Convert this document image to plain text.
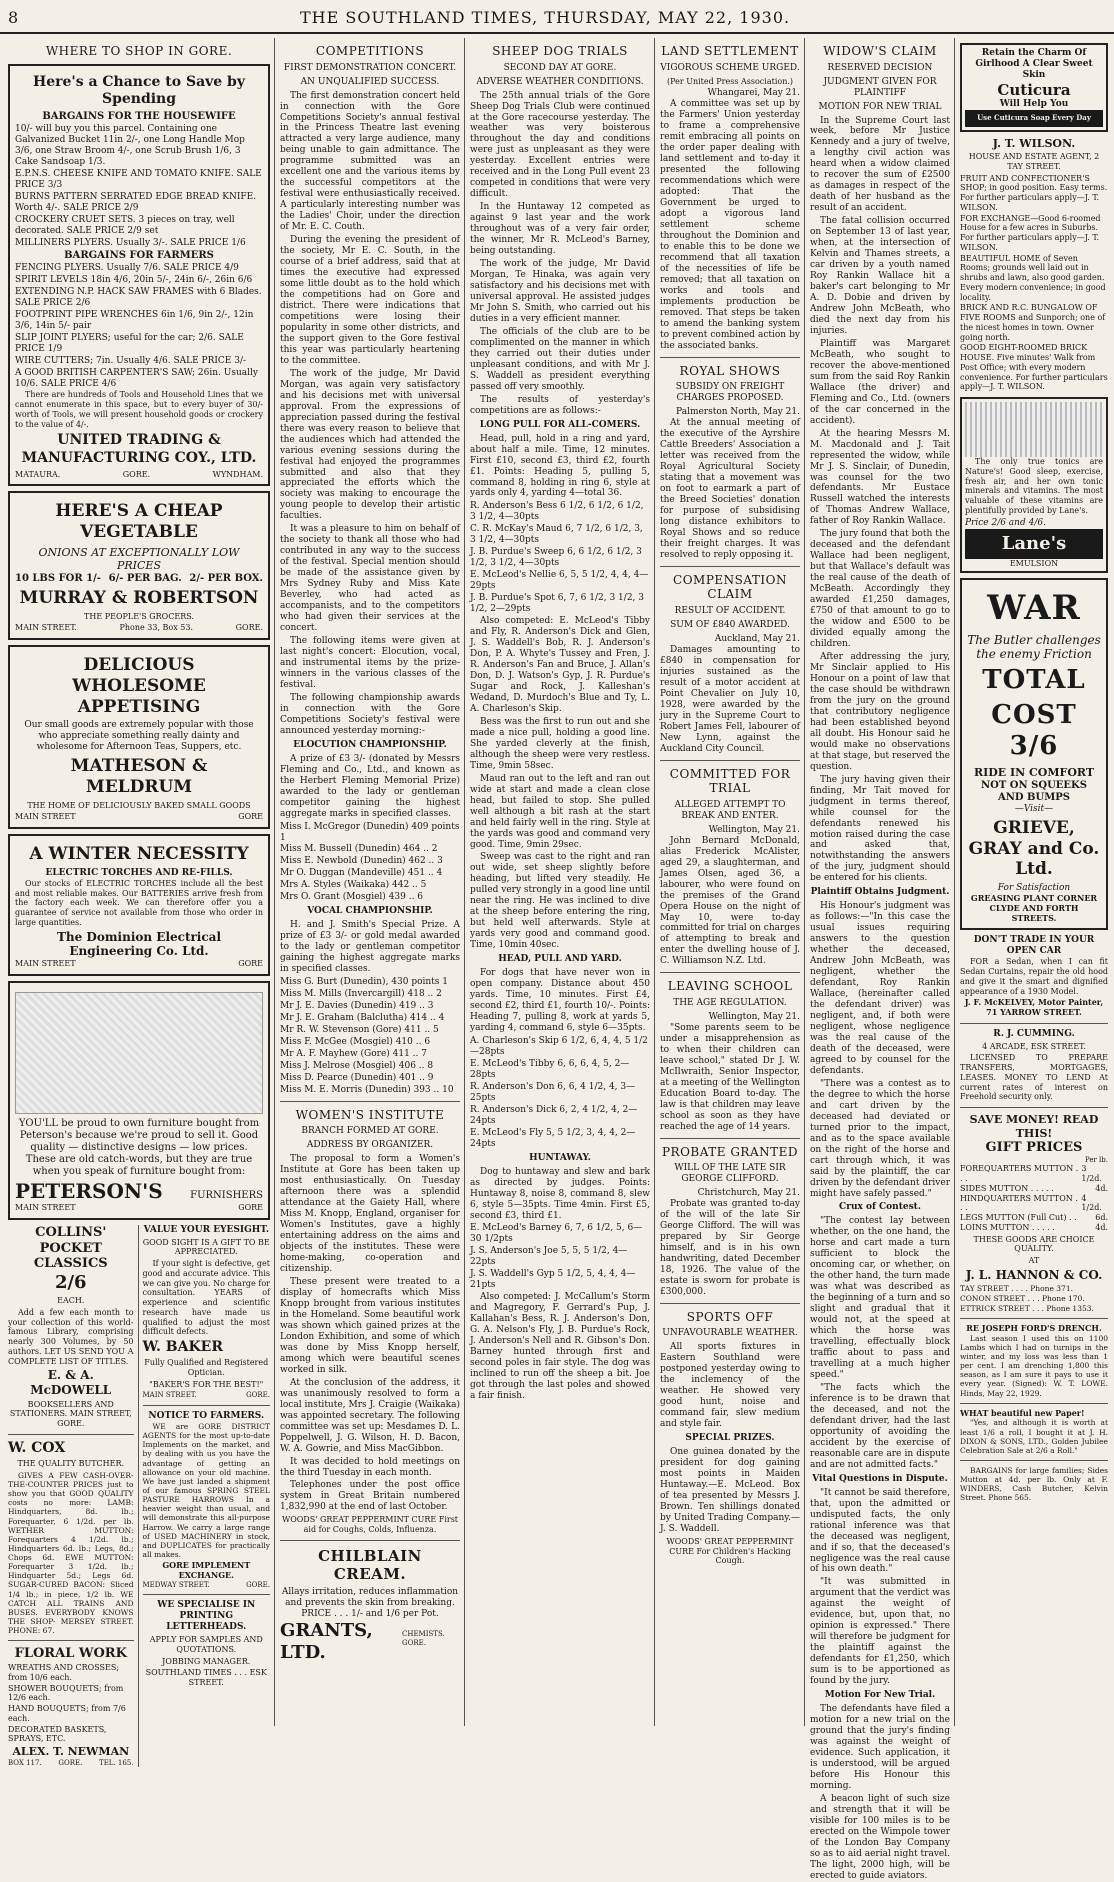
8	THE SOUTHLAND TIMES, THURSDAY, MAY 22, 1930.
WHERE TO SHOP IN GORE.
Here's a Chance to Save by Spending
BARGAINS FOR THE HOUSEWIFE
10/- will buy you this parcel. Containing one Galvanized Bucket 11in 2/-, one Long Handle Mop 3/6, one Straw Broom 4/-, one Scrub Brush 1/6, 3 Cake Sandsoap 1/3.
E.P.N.S. CHEESE KNIFE AND TOMATO KNIFE. SALE PRICE 3/3
BURNS PATTERN SERRATED EDGE BREAD KNIFE. Worth 4/-. SALE PRICE 2/9
CROCKERY CRUET SETS. 3 pieces on tray, well decorated. SALE PRICE 2/9 set
MILLINERS PLYERS. Usually 3/-. SALE PRICE 1/6
BARGAINS FOR FARMERS
FENCING PLYERS. Usually 7/6. SALE PRICE 4/9
SPIRIT LEVELS 18in 4/6, 20in 5/-, 24in 6/-, 26in 6/6
EXTENDING N.P. HACK SAW FRAMES with 6 Blades. SALE PRICE 2/6
FOOTPRINT PIPE WRENCHES 6in 1/6, 9in 2/-, 12in 3/6, 14in 5/- pair
SLIP JOINT PLYERS; useful for the car; 2/6. SALE PRICE 1/9
WIRE CUTTERS; 7in. Usually 4/6. SALE PRICE 3/-
A GOOD BRITISH CARPENTER'S SAW; 26in. Usually 10/6. SALE PRICE 4/6
There are hundreds of Tools and Household Lines that we cannot enumerate in this space, but to every buyer of 30/- worth of Tools, we will present household goods or crockery to the value of 4/-.
UNITED TRADING & MANUFACTURING COY., LTD.
MATAURA.	GORE.	WYNDHAM.
HERE'S A CHEAP VEGETABLE
ONIONS AT EXCEPTIONALLY LOW PRICES
10 LBS FOR 1/- 6/- PER BAG. 2/- PER BOX.
MURRAY & ROBERTSON
THE PEOPLE'S GROCERS.
MAIN STREET.	Phone 33, Box 53.	GORE.
DELICIOUS WHOLESOME APPETISING
Our small goods are extremely popular with those who appreciate something really dainty and wholesome for Afternoon Teas, Suppers, etc.
MATHESON & MELDRUM
THE HOME OF DELICIOUSLY BAKED SMALL GOODS
MAIN STREET	GORE
A WINTER NECESSITY
ELECTRIC TORCHES AND RE-FILLS.
Our stocks of ELECTRIC TORCHES include all the best and most reliable makes. Our BATTERIES arrive fresh from the factory each week. We can therefore offer you a guarantee of service not available from those who order in large quantities.
The Dominion Electrical Engineering Co. Ltd.
MAIN STREET	GORE
YOU'LL be proud to own furniture bought from Peterson's because we're proud to sell it. Good quality — distinctive designs — low prices. These are old catch-words, but they are true when you speak of furniture bought from:
PETERSON'S	FURNISHERS
MAIN STREET	GORE
COLLINS' POCKET CLASSICS
2/6
EACH.
Add a few each month to your collection of this world-famous Library, comprising nearly 300 Volumes, by 50 authors. LET US SEND YOU A COMPLETE LIST OF TITLES.
E. & A. McDOWELL
BOOKSELLERS AND STATIONERS. MAIN STREET, GORE.
W. COX
THE QUALITY BUTCHER.
GIVES A FEW CASH-OVER-THE-COUNTER PRICES just to show you that GOOD QUALITY costs no more: LAMB: Hindquarters, 8d. lb.; Forequarter, 6 1/2d. per lb. WETHER MUTTON: Forequarters 4 1/2d. lb.; Hindquarters 6d. lb.; Legs, 8d.; Chops 6d. EWE MUTTON: Forequarter 3 1/2d. lb.; Hindquarter 5d.; Legs 6d. SUGAR-CURED BACON: Sliced 1/4 lb.; in piece, 1/2 lb. WE CATCH ALL TRAINS AND BUSES. EVERYBODY KNOWS THE SHOP- MERSEY STREET. PHONE: 67.
FLORAL WORK
WREATHS AND CROSSES; from 10/6 each.
SHOWER BOUQUETS; from 12/6 each.
HAND BOUQUETS; from 7/6 each.
DECORATED BASKETS, SPRAYS, ETC.
ALEX. T. NEWMAN
BOX 117. GORE. TEL. 165.
VALUE YOUR EYESIGHT.
GOOD SIGHT IS A GIFT TO BE APPRECIATED.
If your sight is defective, get good and accurate advice. This we can give you. No charge for consultation. YEARS of experience and scientific research have made us qualified to adjust the most difficult defects.
W. BAKER
Fully Qualified and Registered Optician.
"BAKER'S FOR THE BEST!"
MAIN STREET.	GORE.
NOTICE TO FARMERS.
WE are GORE DISTRICT AGENTS for the most up-to-date Implements on the market, and by dealing with us you have the advantage of getting an allowance on your old machine. We have just landed a shipment of our famous SPRING STEEL PASTURE HARROWS In a heavier weight than usual, and will demonstrate this all-purpose Harrow. We carry a large range of USED MACHINERY in stock, and DUPLICATES for practically all makes.
GORE IMPLEMENT EXCHANGE.
MEDWAY STREET.	GORE.
WE SPECIALISE IN PRINTING LETTERHEADS.
APPLY FOR SAMPLES AND QUOTATIONS.
JOBBING MANAGER.
SOUTHLAND TIMES . . . ESK STREET.
COMPETITIONS
FIRST DEMONSTRATION CONCERT.
AN UNQUALIFIED SUCCESS.

The first demonstration concert held in connection with the Gore Competitions Society's annual festival in the Princess Theatre last evening attracted a very large audience, many being unable to gain admittance. The programme submitted was an excellent one and the various items by the successful competitors at the festival were enthusiastically received. A particularly interesting number was the Ladies' Choir, under the direction of Mr. E. C. Couth.

During the evening the president of the society, Mr E. C. South, in the course of a brief address, said that at times the executive had expressed some little doubt as to the hold which the competitions had on Gore and district. There were indications that competitions were losing their popularity in some other districts, and the support given to the Gore festival this year was particularly heartening to the committee.

The work of the judge, Mr David Morgan, was again very satisfactory and his decisions met with universal approval. From the expressions of appreciation passed during the festival there was every reason to believe that the audiences which had attended the various evening sessions during the festival had enjoyed the programmes submitted and also that they appreciated the efforts which the society was making to encourage the young people to develop their artistic faculties.

It was a pleasure to him on behalf of the society to thank all those who had contributed in any way to the success of the festival. Special mention should be made of the assistance given by Mrs Sydney Ruby and Miss Kate Beverley, who had acted as accompanists, and to the competitors who had given their services at the concert.

The following items were given at last night's concert: Elocution, vocal, and instrumental items by the prize-winners in the various classes of the festival.

The following championship awards in connection with the Gore Competitions Society's festival were announced yesterday morning:-

ELOCUTION CHAMPIONSHIP.
A prize of £3 3/- (donated by Messrs Fleming and Co., Ltd., and known as the Herbert Fleming Memorial Prize) awarded to the lady or gentleman competitor gaining the highest aggregate marks in specified classes.
Miss I. McGregor (Dunedin) 409 points 1
Miss M. Bussell (Dunedin) 464 .. 2
Miss E. Newbold (Dunedin) 462 .. 3
Mr O. Duggan (Mandeville) 451 .. 4
Mrs A. Styles (Waikaka) 442 .. 5
Mrs O. Grant (Mosgiel) 439 .. 6
VOCAL CHAMPIONSHIP.
H. and J. Smith's Special Prize. A prize of £3 3/- or gold medal awarded to the lady or gentleman competitor gaining the highest aggregate marks in specified classes.
Miss G. Burt (Dunedin), 430 points 1
Miss M. Mills (Invercargill) 418 .. 2
Mr J. E. Davies (Dunedin) 419 .. 3
Mr J. E. Graham (Balclutha) 414 .. 4
Mr R. W. Stevenson (Gore) 411 .. 5
Miss F. McGee (Mosgiel) 410 .. 6
Mr A. F. Mayhew (Gore) 411 .. 7
Miss J. Melrose (Mosgiel) 406 .. 8
Miss D. Pearce (Dunedin) 401 .. 9
Miss M. E. Morris (Dunedin) 393 .. 10
WOMEN'S INSTITUTE
BRANCH FORMED AT GORE.
ADDRESS BY ORGANIZER.

The proposal to form a Women's Institute at Gore has been taken up most enthusiastically. On Tuesday afternoon there was a splendid attendance at the Gaiety Hall, where Miss M. Knopp, England, organiser for Women's Institutes, gave a highly entertaining address on the aims and objects of the institutes. These were home-making, co-operation and citizenship.

These present were treated to a display of homecrafts which Miss Knopp brought from various institutes in the Homeland. Some beautiful work was shown which gained prizes at the London Exhibition, and some of which was done by Miss Knopp herself, among which were beautiful scenes worked in silk.

At the conclusion of the address, it was unanimously resolved to form a local institute, Mrs J. Craigie (Waikaka) was appointed secretary. The following committee was set up: Mesdames D. L. Poppelwell, J. G. Wilson, H. D. Bacon, W. A. Gowrie, and Miss MacGibbon.

It was decided to hold meetings on the third Tuesday in each month.

Telephones under the post office system in Great Britain numbered 1,832,990 at the end of last October.

WOODS' GREAT PEPPERMINT CURE First aid for Coughs, Colds, Influenza.
CHILBLAIN CREAM.
Allays irritation, reduces inflammation and prevents the skin from breaking.
PRICE . . . 1/- and 1/6 per Pot.
GRANTS, LTD.
CHEMISTS. GORE.
SHEEP DOG TRIALS
SECOND DAY AT GORE.
ADVERSE WEATHER CONDITIONS.

The 25th annual trials of the Gore Sheep Dog Trials Club were continued at the Gore racecourse yesterday. The weather was very boisterous throughout the day and conditions were just as unpleasant as they were yesterday. Excellent entries were received and in the Long Pull event 23 competed in conditions that were very difficult.

In the Huntaway 12 competed as against 9 last year and the work throughout was of a very fair order, the winner, Mr R. McLeod's Barney, being outstanding.

The work of the judge, Mr David Morgan, Te Hinaka, was again very satisfactory and his decisions met with universal approval. He assisted judges Mr John S. Smith, who carried out his duties in a very efficient manner.

The officials of the club are to be complimented on the manner in which they carried out their duties under unpleasant conditions, and with Mr J. S. Waddell as president everything passed off very smoothly.

The results of yesterday's competitions are as follows:-

LONG PULL FOR ALL-COMERS.
Head, pull, hold in a ring and yard, about half a mile. Time, 12 minutes. First £10, second £3, third £2, fourth £1. Points: Heading 5, pulling 5, command 8, holding in ring 6, style at yards only 4, yarding 4—total 36.
R. Anderson's Bess 6 1/2, 6 1/2, 6 1/2, 3 1/2, 4—30pts
C. R. McKay's Maud 6, 7 1/2, 6 1/2, 3, 3 1/2, 4—30pts
J. B. Purdue's Sweep 6, 6 1/2, 6 1/2, 3 1/2, 3 1/2, 4—30pts
E. McLeod's Nellie 6, 5, 5 1/2, 4, 4, 4—29pts
J. B. Purdue's Spot 6, 7, 6 1/2, 3 1/2, 3 1/2, 2—29pts

Also competed: E. McLeod's Tibby and Fly, R. Anderson's Dick and Glen, J. S. Waddell's Bob, R. J. Anderson's Don, P. A. Whyte's Tussey and Fren, J. R. Anderson's Fan and Bruce, J. Allan's Don, D. J. Watson's Gyp, J. R. Purdue's Sugar and Rock, J. Kalleshan's Wedand, D. Murdoch's Blue and Ty, L. A. Charleson's Skip.

Bess was the first to run out and she made a nice pull, holding a good line. She yarded cleverly at the finish, although the sheep were very restless. Time, 9min 58sec.

Maud ran out to the left and ran out wide at start and made a clean close head, but failed to stop. She pulled well although a bit rash at the start and held fairly well in the ring. Style at the yards was good and command very good. Time, 9min 29sec.

Sweep was cast to the right and ran out wide, set sheep slightly before heading, but lifted very steadily. He pulled very strongly in a good line until near the ring. He was inclined to dive at the sheep before entering the ring, but held well afterwards. Style at yards very good and command good. Time, 10min 40sec.

HEAD, PULL AND YARD.
For dogs that have never won in open company. Distance about 450 yards. Time, 10 minutes. First £4, second £2, third £1, fourth 10/-. Points: Heading 7, pulling 8, work at yards 5, yarding 4, command 6, style 6—35pts.
A. Charleson's Skip 6 1/2, 6, 4, 4, 5 1/2—28pts
E. McLeod's Tibby 6, 6, 6, 4, 5, 2—28pts
R. Anderson's Don 6, 6, 4 1/2, 4, 3—25pts
R. Anderson's Dick 6, 2, 4 1/2, 4, 2—24pts
E. McLeod's Fly 5, 5 1/2, 3, 4, 4, 2—24pts
HUNTAWAY.
Dog to huntaway and slew and bark as directed by judges. Points: Huntaway 8, noise 8, command 8, slew 6, style 5—35pts. Time 4min. First £5, second £3, third £1.
E. McLeod's Barney 6, 7, 6 1/2, 5, 6—30 1/2pts
J. S. Anderson's Joe 5, 5, 5 1/2, 4—22pts
J. S. Waddell's Gyp 5 1/2, 5, 4, 4, 4—21pts
Also competed: J. McCallum's Storm and Magregory, F. Gerrard's Pup, J. Kallahan's Bess, R. J. Anderson's Don, G. A. Nelson's Fly, J. B. Purdue's Rock, J. Anderson's Nell and R. Gibson's Don. Barney hunted through first and second poles in fair style. The dog was inclined to run off the sheep a bit. Joe got through the last poles and showed a fair finish.
LAND SETTLEMENT
VIGOROUS SCHEME URGED.
(Per United Press Association.)
Whangarei, May 21.
A committee was set up by the Farmers' Union yesterday to frame a comprehensive remit embracing all points on the order paper dealing with land settlement and to-day it presented the following recommendations which were adopted: That the Government be urged to adopt a vigorous land settlement scheme throughout the Dominion and to enable this to be done we recommend that all taxation of the necessities of life be removed; that all taxation on works and tools and implements production be removed. That steps be taken to amend the banking system to prevent combined action by the associated banks.
ROYAL SHOWS
SUBSIDY ON FREIGHT CHARGES PROPOSED.
Palmerston North, May 21.
At the annual meeting of the executive of the Ayrshire Cattle Breeders' Association a letter was received from the Royal Agricultural Society stating that a movement was on foot to earmark a part of the Breed Societies' donation for purpose of subsidising long distance exhibitors to Royal Shows and so reduce their freight charges. It was resolved to reply opposing it.
COMPENSATION CLAIM
RESULT OF ACCIDENT.
SUM OF £840 AWARDED.
Auckland, May 21.
Damages amounting to £840 in compensation for injuries sustained as the result of a motor accident at Point Chevalier on July 10, 1928, were awarded by the jury in the Supreme Court to Robert James Fell, labourer of New Lynn, against the Auckland City Council.
COMMITTED FOR TRIAL
ALLEGED ATTEMPT TO BREAK AND ENTER.
Wellington, May 21.
John Bernard McDonald, alias Frederick McAlister, aged 29, a slaughterman, and James Olsen, aged 36, a labourer, who were found on the premises of the Grand Opera House on the night of May 10, were to-day committed for trial on charges of attempting to break and enter the dwelling house of J. C. Williamson N.Z. Ltd.
LEAVING SCHOOL
THE AGE REGULATION.
Wellington, May 21.
"Some parents seem to be under a misapprehension as to when their children can leave school," stated Dr J. W. McIlwraith, Senior Inspector, at a meeting of the Wellington Education Board to-day. The law is that children may leave school as soon as they have reached the age of 14 years.
PROBATE GRANTED
WILL OF THE LATE SIR GEORGE CLIFFORD.
Christchurch, May 21.
Probate was granted to-day of the will of the late Sir George Clifford. The will was prepared by Sir George himself, and is in his own handwriting, dated December 18, 1926. The value of the estate is sworn for probate is £300,000.
SPORTS OFF
UNFAVOURABLE WEATHER.
All sports fixtures in Eastern Southland were postponed yesterday owing to the inclemency of the weather. He showed very good hunt, noise and command fair, slew medium and style fair.
SPECIAL PRIZES.
One guinea donated by the president for dog gaining most points in Maiden Huntaway.—E. McLeod. Box of tea presented by Messrs J. Brown. Ten shillings donated by United Trading Company.—J. S. Waddell.
WOODS' GREAT PEPPERMINT CURE For Children's Hacking Cough.
WIDOW'S CLAIM
RESERVED DECISION
JUDGMENT GIVEN FOR PLAINTIFF
MOTION FOR NEW TRIAL

In the Supreme Court last week, before Mr Justice Kennedy and a jury of twelve, a lengthy civil action was heard when a widow claimed to recover the sum of £2500 as damages in respect of the death of her husband as the result of an accident.

The fatal collision occurred on September 13 of last year, when, at the intersection of Kelvin and Thames streets, a car driven by a youth named Roy Rankin Wallace hit a baker's cart belonging to Mr A. D. Dobie and driven by Andrew John McBeath, who died the next day from his injuries.

Plaintiff was Margaret McBeath, who sought to recover the above-mentioned sum from the said Roy Rankin Wallace (the driver) and Fleming and Co., Ltd. (owners of the car concerned in the accident).

At the hearing Messrs M. M. Macdonald and J. Tait represented the widow, while Mr J. S. Sinclair, of Dunedin, was counsel for the two defendants. Mr Eustace Russell watched the interests of Thomas Andrew Wallace, father of Roy Rankin Wallace.

The jury found that both the deceased and the defendant Wallace had been negligent, but that Wallace's default was the real cause of the death of McBeath. Accordingly they awarded £1,250 damages, £750 of that amount to go to the widow and £500 to be divided equally among the children.

After addressing the jury, Mr Sinclair applied to His Honour on a point of law that the case should be withdrawn from the jury on the ground that contributory negligence had been established beyond all doubt. His Honour said he would make no observations at that stage, but reserved the question.

The jury having given their finding, Mr Tait moved for judgment in terms thereof, while counsel for the defendants renewed his motion raised during the case and asked that, notwithstanding the answers of the jury, judgment should be entered for his clients.

Plaintiff Obtains Judgment.

His Honour's judgment was as follows:—"In this case the usual issues requiring answers to the question whether the deceased, Andrew John McBeath, was negligent, whether the defendant, Roy Rankin Wallace, (hereinafter called the defendant driver) was negligent, and, if both were negligent, whose negligence was the real cause of the death of the deceased, were agreed to by counsel for the defendants.

"There was a contest as to the degree to which the horse and cart driven by the deceased had deviated or turned prior to the impact, and as to the space available on the right of the horse and cart through which, it was said by the plaintiff, the car driven by the defendant driver might have safely passed."

Crux of Contest.

"The contest lay between whether, on the one hand, the horse and cart made a turn sufficient to block the oncoming car, or whether, on the other hand, the turn made was what was described as the beginning of a turn and so slight and gradual that it would not, at the speed at which the horse was travelling, effectually block traffic about to pass and travelling at a much higher speed."

"The facts which the inference is to be drawn that the deceased, and not the defendant driver, had the last opportunity of avoiding the accident by the exercise of reasonable care are in dispute and are not admitted facts."

Vital Questions in Dispute.

"It cannot be said therefore, that, upon the admitted or undisputed facts, the only rational inference was that the deceased was negligent, and if so, that the deceased's negligence was the real cause of his own death."

"It was submitted in argument that the verdict was against the weight of evidence, but, upon that, no opinion is expressed." There will therefore be judgment for the plaintiff against the defendants for £1,250, which sum is to be apportioned as found by the jury.

Motion For New Trial.
The defendants have filed a motion for a new trial on the ground that the jury's finding was against the weight of evidence. Such application, it is understood, will be argued before His Honour this morning.
A beacon light of such size and strength that it will be visible for 100 miles is to be erected on the Wimpole tower of the London Bay Company so as to aid aerial night travel. The light, 2000 high, will be erected to guide aviators.
Retain the Charm Of Girlhood A Clear Sweet Skin
Cuticura
Will Help You
Use Cuticura Soap Every Day
J. T. WILSON.
HOUSE AND ESTATE AGENT, 2 TAY STREET.
FRUIT AND CONFECTIONER'S SHOP; in good position. Easy terms. For further particulars apply—J. T. WILSON.
FOR EXCHANGE—Good 6-roomed House for a few acres in Suburbs. For further particulars apply—J. T. WILSON.
BEAUTIFUL HOME of Seven Rooms; grounds well laid out in shrubs and lawn, also good garden. Every modern convenience; in good locality.
BRICK AND R.C. BUNGALOW OF FIVE ROOMS and Sunporch; one of the nicest homes in town. Owner going north.
GOOD EIGHT-ROOMED BRICK HOUSE. Five minutes' Walk from Post Office; with every modern convenience. For further particulars apply—J. T. WILSON.
The only true tonics are Nature's! Good sleep, exercise, fresh air, and her own tonic minerals and vitamins. The most valuable of these vitamins are plentifully provided by Lane's.
Price 2/6 and 4/6.
Lane's
EMULSION
WAR
The Butler challenges the enemy Friction
TOTAL
COST 3/6
RIDE IN COMFORT
NOT ON SQUEEKS AND BUMPS
—Visit—
GRIEVE, GRAY and Co. Ltd.
For Satisfaction
GREASING PLANT CORNER CLYDE AND FORTH STREETS.
DON'T TRADE IN YOUR OPEN CAR
FOR a Sedan, when I can fit Sedan Curtains, repair the old hood and give it the smart and dignified appearance of a 1930 Model.
J. F. McKELVEY, Motor Painter, 71 YARROW STREET.
R. J. CUMMING.
4 ARCADE, ESK STREET.
LICENSED TO PREPARE TRANSFERS, MORTGAGES, LEASES. MONEY TO LEND At current rates of interest on Freehold security only.
SAVE MONEY! READ THIS!
GIFT PRICES
Per lb.
FOREQUARTERS MUTTON . . .
3 1/2d.
SIDES MUTTON . . . . .	4d.
HINDQUARTERS MUTTON . . .
4 1/2d.
LEGS MUTTON (Full Cut) . . 6d.
LOINS MUTTON . . . . .	4d.
THESE GOODS ARE CHOICE QUALITY.
AT
J. L. HANNON & CO.
TAY STREET . . . . Phone 371.
CONON STREET . . . Phone 170.
ETTRICK STREET . . . Phone 1353.
RE JOSEPH FORD'S DRENCH.
Last season I used this on 1100 Lambs which I had on turnips in the winter, and my loss was less than 1 per cent. I am drenching 1,800 this season, as I am sure it pays to use it every year. (Signed): W. T. LOWE. Hinds, May 22, 1929.
WHAT beautiful new Paper!
"Yes, and although it is worth at least 1/6 a roll, I bought it at J. H. DIXON & SONS, LTD., Golden Jubilee Celebration Sale at 2/6 a Roll."
BARGAINS for large families; Sides Mutton at 4d. per lb. Only at F. WINDERS, Cash Butcher, Kelvin Street. Phone 565.
